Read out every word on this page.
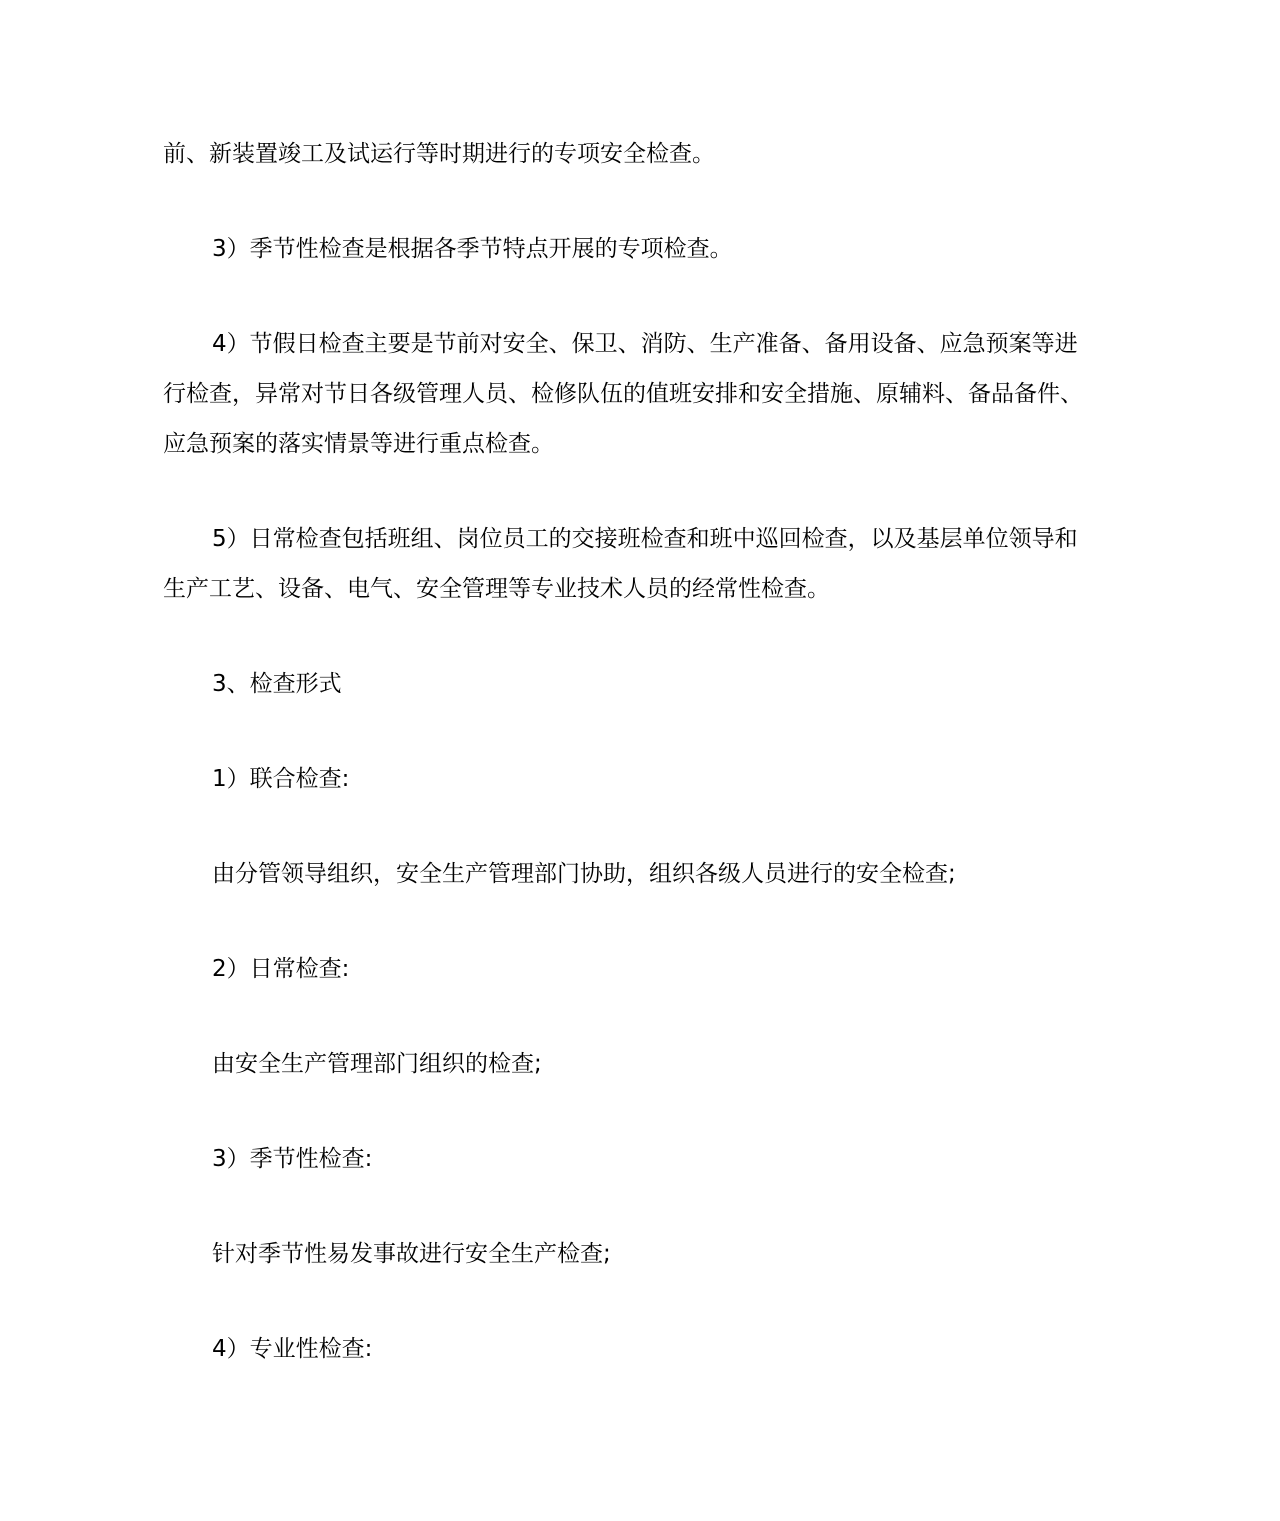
前、新装置竣工及试运行等时期进行的专项安全检查。
3）季节性检查是根据各季节特点开展的专项检查。
4）节假日检查主要是节前对安全、保卫、消防、生产准备、备用设备、应急预案等进
行检查，异常对节日各级管理人员、检修队伍的值班安排和安全措施、原辅料、备品备件、
应急预案的落实情景等进行重点检查。
5）日常检查包括班组、岗位员工的交接班检查和班中巡回检查，以及基层单位领导和
生产工艺、设备、电气、安全管理等专业技术人员的经常性检查。
3、检查形式
1）联合检查:
由分管领导组织，安全生产管理部门协助，组织各级人员进行的安全检查;
2）日常检查:
由安全生产管理部门组织的检查;
3）季节性检查:
针对季节性易发事故进行安全生产检查;
4）专业性检查:
